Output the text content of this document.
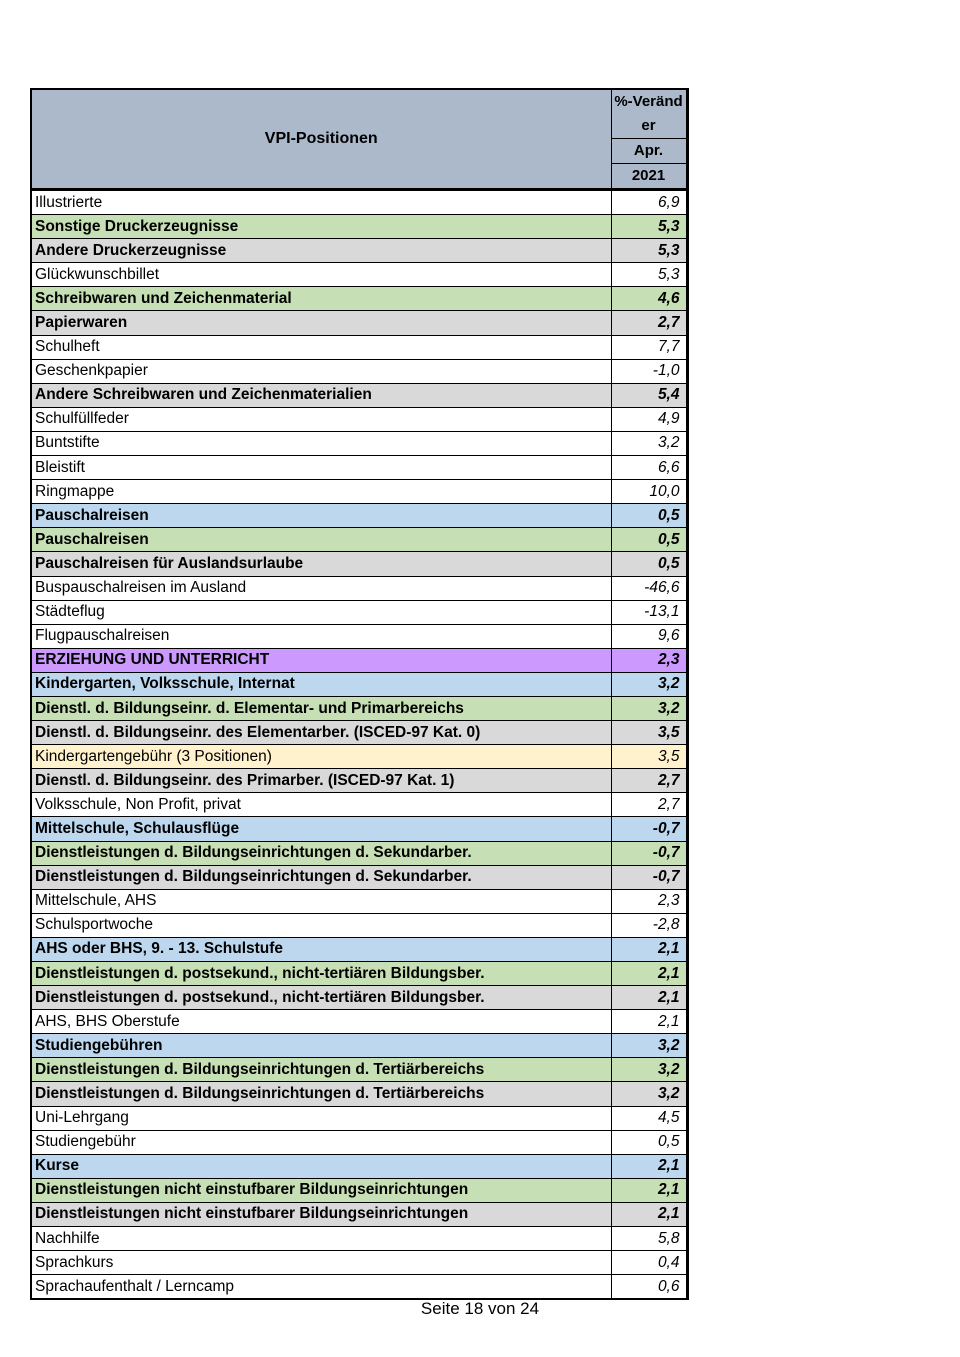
VPI-Positionen	%-Veränder
	Apr.
	2021
Illustrierte	6,9
Sonstige Druckerzeugnisse	5,3
Andere Druckerzeugnisse	5,3
Glückwunschbillet	5,3
Schreibwaren und Zeichenmaterial	4,6
Papierwaren	2,7
Schulheft	7,7
Geschenkpapier	-1,0
Andere Schreibwaren und Zeichenmaterialien	5,4
Schulfüllfeder	4,9
Buntstifte	3,2
Bleistift	6,6
Ringmappe	10,0
Pauschalreisen	0,5
Pauschalreisen	0,5
Pauschalreisen für Auslandsurlaube	0,5
Buspauschalreisen im Ausland	-46,6
Städteflug	-13,1
Flugpauschalreisen	9,6
ERZIEHUNG UND UNTERRICHT	2,3
Kindergarten, Volksschule, Internat	3,2
Dienstl. d. Bildungseinr. d. Elementar- und Primarbereichs	3,2
Dienstl. d. Bildungseinr. des Elementarber. (ISCED-97 Kat. 0)	3,5
Kindergartengebühr (3 Positionen)	3,5
Dienstl. d. Bildungseinr. des Primarber. (ISCED-97 Kat. 1)	2,7
Volksschule, Non Profit, privat	2,7
Mittelschule, Schulausflüge	-0,7
Dienstleistungen d. Bildungseinrichtungen d. Sekundarber.	-0,7
Dienstleistungen d. Bildungseinrichtungen d. Sekundarber.	-0,7
Mittelschule, AHS	2,3
Schulsportwoche	-2,8
AHS oder BHS, 9. - 13. Schulstufe	2,1
Dienstleistungen d. postsekund., nicht-tertiären Bildungsber.	2,1
Dienstleistungen d. postsekund., nicht-tertiären Bildungsber.	2,1
AHS, BHS Oberstufe	2,1
Studiengebühren	3,2
Dienstleistungen d. Bildungseinrichtungen d. Tertiärbereichs	3,2
Dienstleistungen d. Bildungseinrichtungen d. Tertiärbereichs	3,2
Uni-Lehrgang	4,5
Studiengebühr	0,5
Kurse	2,1
Dienstleistungen nicht einstufbarer Bildungseinrichtungen	2,1
Dienstleistungen nicht einstufbarer Bildungseinrichtungen	2,1
Nachhilfe	5,8
Sprachkurs	0,4
Sprachaufenthalt / Lerncamp	0,6
Seite 18 von 24
